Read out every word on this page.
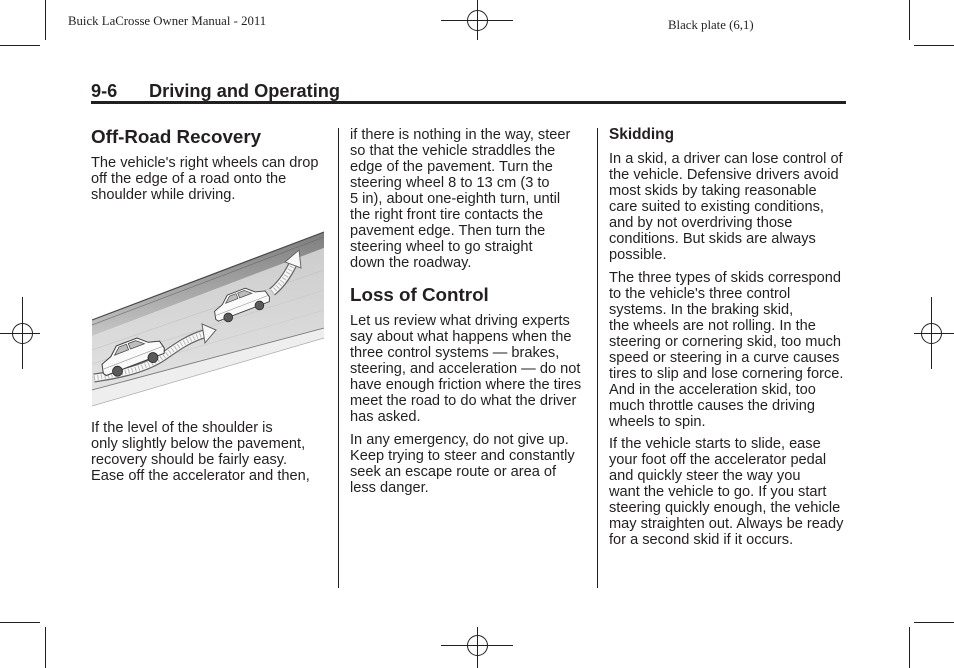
Buick LaCrosse Owner Manual - 2011	Black plate (6,1)
9-6 Driving and Operating
Off-Road Recovery
The vehicle's right wheels can drop
off the edge of a road onto the
shoulder while driving.
If the level of the shoulder is
only slightly below the pavement,
recovery should be fairly easy.
Ease off the accelerator and then,
if there is nothing in the way, steer
so that the vehicle straddles the
edge of the pavement. Turn the
steering wheel 8 to 13 cm (3 to
5 in), about one-eighth turn, until
the right front tire contacts the
pavement edge. Then turn the
steering wheel to go straight
down the roadway.
Loss of Control
Let us review what driving experts
say about what happens when the
three control systems — brakes,
steering, and acceleration — do not
have enough friction where the tires
meet the road to do what the driver
has asked.
In any emergency, do not give up.
Keep trying to steer and constantly
seek an escape route or area of
less danger.
Skidding
In a skid, a driver can lose control of
the vehicle. Defensive drivers avoid
most skids by taking reasonable
care suited to existing conditions,
and by not overdriving those
conditions. But skids are always
possible.
The three types of skids correspond
to the vehicle's three control
systems. In the braking skid,
the wheels are not rolling. In the
steering or cornering skid, too much
speed or steering in a curve causes
tires to slip and lose cornering force.
And in the acceleration skid, too
much throttle causes the driving
wheels to spin.
If the vehicle starts to slide, ease
your foot off the accelerator pedal
and quickly steer the way you
want the vehicle to go. If you start
steering quickly enough, the vehicle
may straighten out. Always be ready
for a second skid if it occurs.
